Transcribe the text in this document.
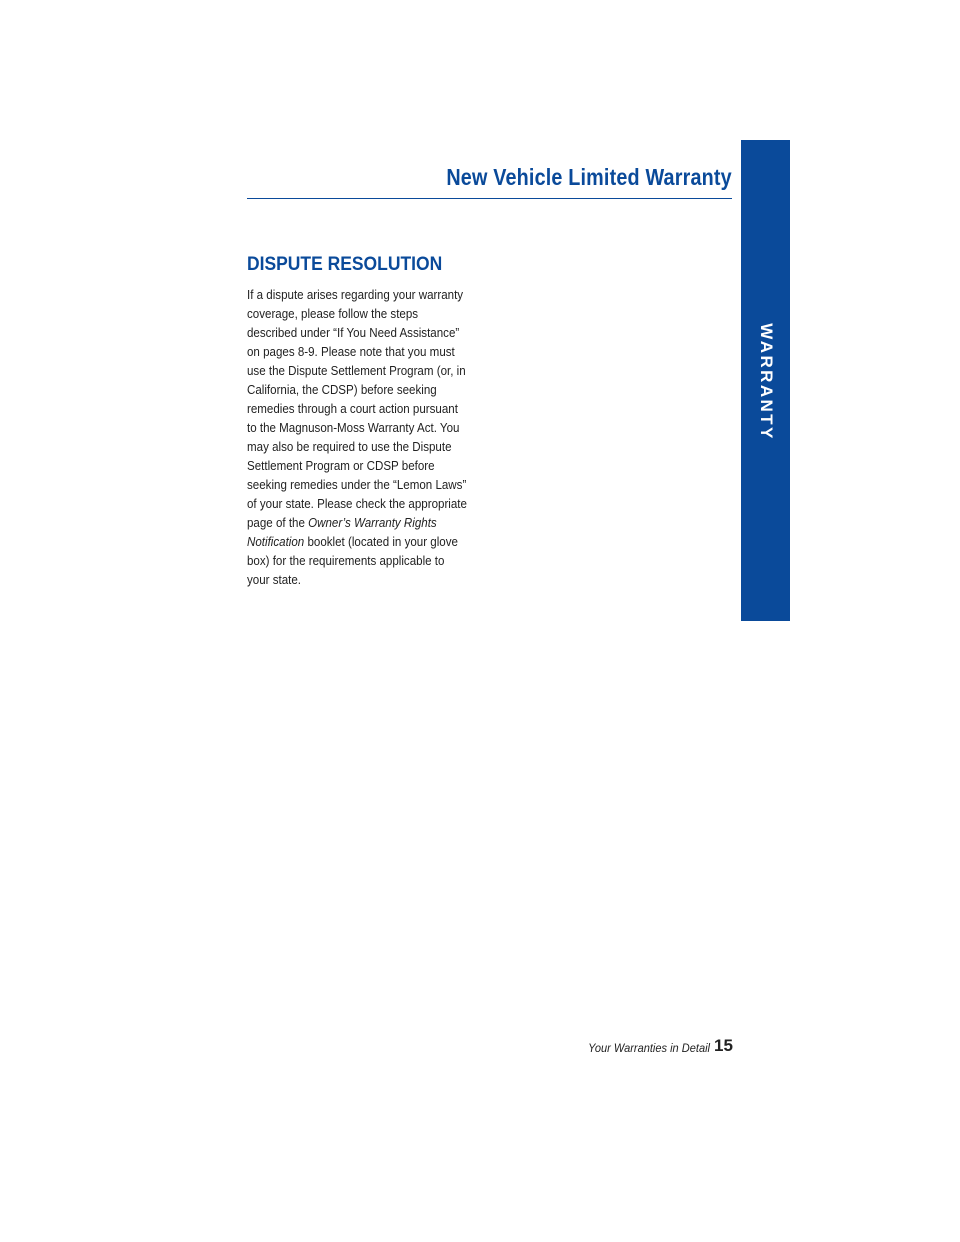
New Vehicle Limited Warranty
WARRANTY
DISPUTE RESOLUTION
If a dispute arises regarding your warranty
coverage, please follow the steps
described under “If You Need Assistance”
on pages 8-9. Please note that you must
use the Dispute Settlement Program (or, in
California, the CDSP) before seeking
remedies through a court action pursuant
to the Magnuson-Moss Warranty Act. You
may also be required to use the Dispute
Settlement Program or CDSP before
seeking remedies under the “Lemon Laws”
of your state. Please check the appropriate
page of the Owner’s Warranty Rights
Notification booklet (located in your glove
box) for the requirements applicable to
your state.
Your Warranties in Detail 15
